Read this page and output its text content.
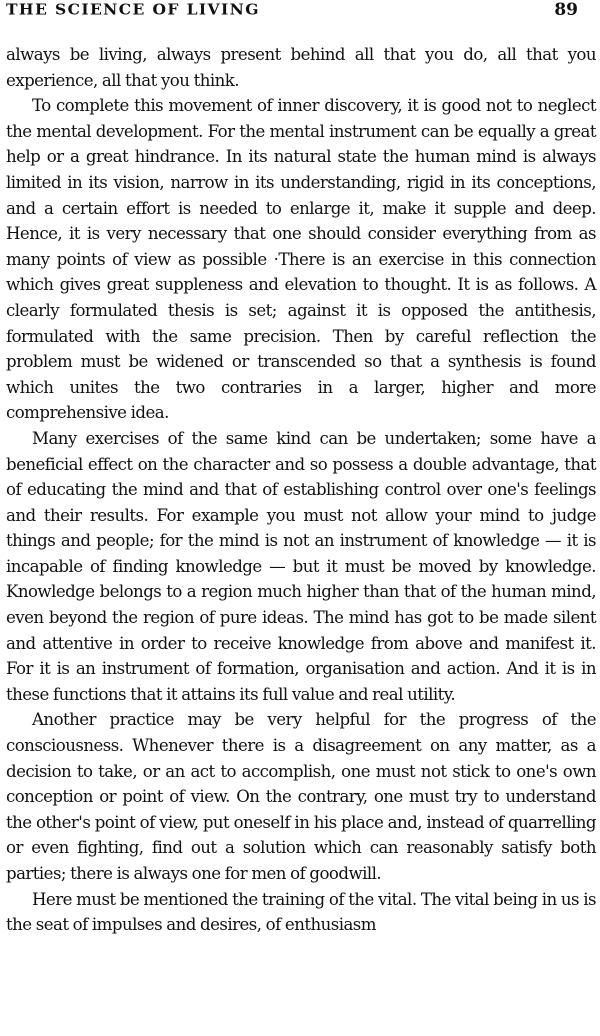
THE SCIENCE OF LIVING	89

always be living, always present behind all that you do, all that you experience, all that you think.

To complete this movement of inner discovery, it is good not to neglect the mental development. For the mental instrument can be equally a great help or a great hindrance. In its natural state the human mind is always limited in its vision, narrow in its understanding, rigid in its conceptions, and a certain effort is needed to enlarge it, make it supple and deep. Hence, it is very necessary that one should consider everything from as many points of view as possible ·There is an exercise in this connection which gives great suppleness and elevation to thought. It is as follows. A clearly formulated thesis is set; against it is opposed the antithesis, formulated with the same precision. Then by careful reflection the problem must be widened or transcended so that a synthesis is found which unites the two contraries in a larger, higher and more comprehensive idea.

Many exercises of the same kind can be undertaken; some have a beneficial effect on the character and so possess a double advantage, that of educating the mind and that of establishing control over one's feelings and their results. For example you must not allow your mind to judge things and people; for the mind is not an instrument of knowledge — it is incapable of finding knowledge — but it must be moved by knowledge. Knowledge belongs to a region much higher than that of the human mind, even beyond the region of pure ideas. The mind has got to be made silent and attentive in order to receive knowledge from above and manifest it. For it is an instrument of formation, organisation and action. And it is in these functions that it attains its full value and real utility.

Another practice may be very helpful for the progress of the consciousness. Whenever there is a disagreement on any matter, as a decision to take, or an act to accomplish, one must not stick to one's own conception or point of view. On the contrary, one must try to understand the other's point of view, put oneself in his place and, instead of quarrelling or even fighting, find out a solution which can reasonably satisfy both parties; there is always one for men of goodwill.

Here must be mentioned the training of the vital. The vital being in us is the seat of impulses and desires, of enthusiasm
